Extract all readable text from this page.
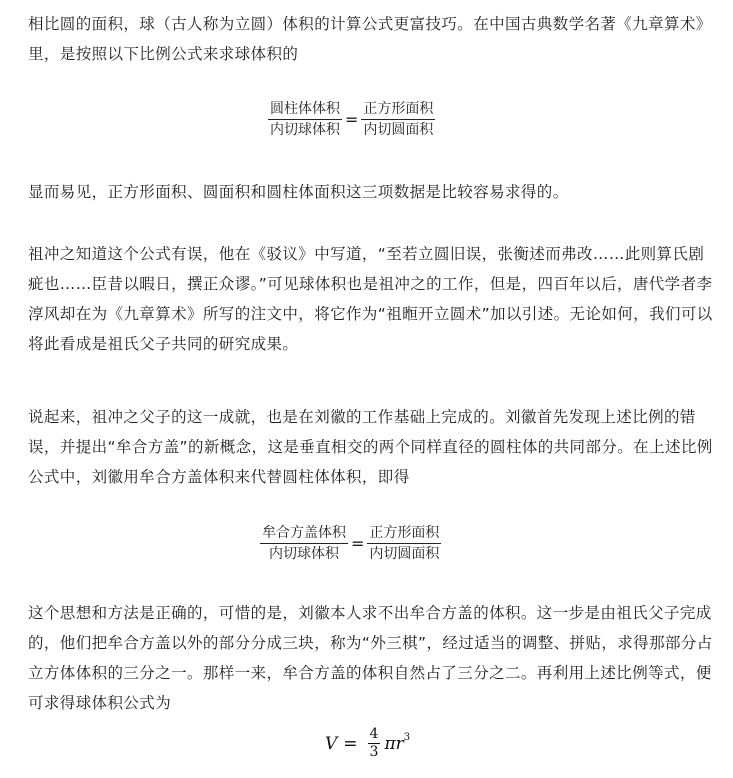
相比圆的面积，球（古人称为立圆）体积的计算公式更富技巧。在中国古典数学名著《九章算术》里，是按照以下比例公式来求球体积的
$\frac{\text{圆柱体体积}}{\text{内切球体积}} = \frac{\text{正方形面积}}{\text{内切圆面积}}$
显而易见，正方形面积、圆面积和圆柱体面积这三项数据是比较容易求得的。
祖冲之知道这个公式有误，他在《驳议》中写道，“至若立圆旧误，张衡述而弗改……此则算氏剧疵也……臣昔以暇日，撰正众谬。”可见球体积也是祖冲之的工作，但是，四百年以后，唐代学者李淳风却在为《九章算术》所写的注文中，将它作为“祖暅开立圆术”加以引述。无论如何，我们可以将此看成是祖氏父子共同的研究成果。
说起来，祖冲之父子的这一成就，也是在刘徽的工作基础上完成的。刘徽首先发现上述比例的错误，并提出“牟合方盖”的新概念，这是垂直相交的两个同样直径的圆柱体的共同部分。在上述比例公式中，刘徽用牟合方盖体积来代替圆柱体体积，即得
$\frac{\text{牟合方盖体积}}{\text{内切球体积}} = \frac{\text{正方形面积}}{\text{内切圆面积}}$
这个思想和方法是正确的，可惜的是，刘徽本人求不出牟合方盖的体积。这一步是由祖氏父子完成的，他们把牟合方盖以外的部分分成三块，称为“外三棋”，经过适当的调整、拼贴，求得那部分占立方体体积的三分之一。那样一来，牟合方盖的体积自然占了三分之二。再利用上述比例等式，便可求得球体积公式为
$V = \frac{4}{3}$ π $r^3$
